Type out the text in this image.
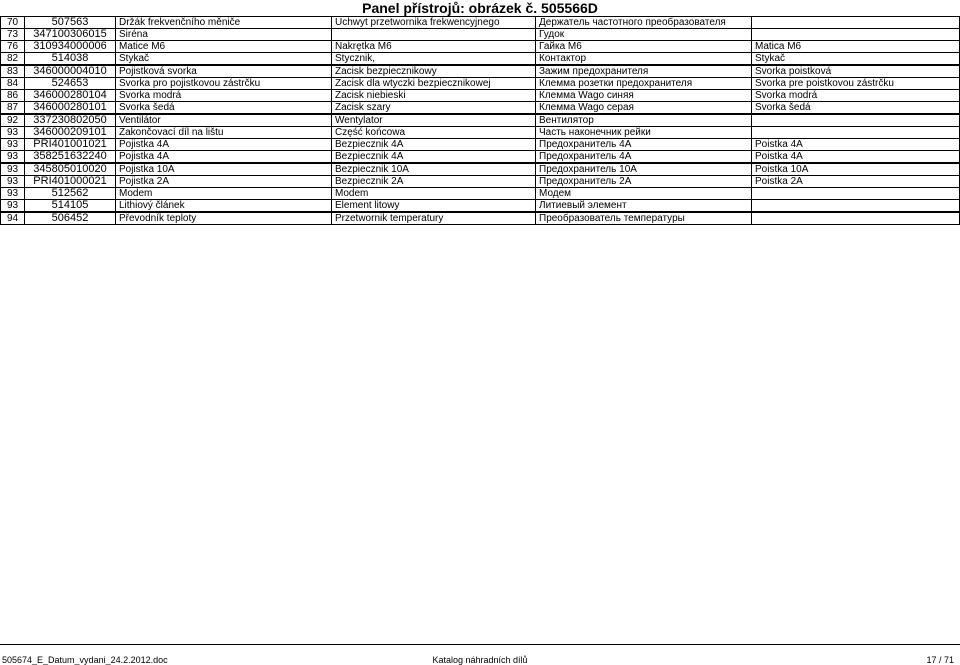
Panel přístrojů: obrázek č. 505566D
70	507563	Držák frekvenčního měniče	Uchwyt przetwornika frekwencyjnego	Держатель частотного преобразователя	
73	347100306015	Siréna		Гудок	
76	310934000006	Matice M6	Nakrętka M6	Гайка M6	Matica M6
82	514038	Stykač	Stycznik,	Контактор	Stykač
83	346000004010	Pojistková svorka	Zacisk bezpiecznikowy	Зажим предохранителя	Svorka poistková
84	524653	Svorka pro pojistkovou zástrčku	Zacisk dla wtyczki bezpiecznikowej	Клемма розетки предохранителя	Svorka pre poistkovou zástrčku
86	346000280104	Svorka modrá	Zacisk niebieski	Клемма Wago синяя	Svorka modrá
87	346000280101	Svorka šedá	Zacisk szary	Клемма Wago серая	Svorka šedá
92	337230802050	Ventilátor	Wentylator	Вентилятор	
93	346000209101	Zakončovací díl na lištu	Część końcowa	Часть наконечник рейки	
93	PRI401001021	Pojistka 4A	Bezpiecznik 4A	Предохранитель 4A	Poistka 4A
93	358251632240	Pojistka 4A	Bezpiecznik 4A	Предохранитель 4A	Poistka 4A
93	345805010020	Pojistka 10A	Bezpiecznik 10A	Предохранитель 10A	Poistka 10A
93	PRI401000021	Pojistka 2A	Bezpiecznik 2A	Предохранитель 2A	Poistka 2A
93	512562	Modem	Modem	Модем	
93	514105	Lithiový článek	Element litowy	Литиевый элемент	
94	506452	Převodník teploty	Przetwornik temperatury	Преобразователь температуры	
505674_E_Datum_vydani_24.2.2012.doc	Katalog náhradních dílů	17 / 71
